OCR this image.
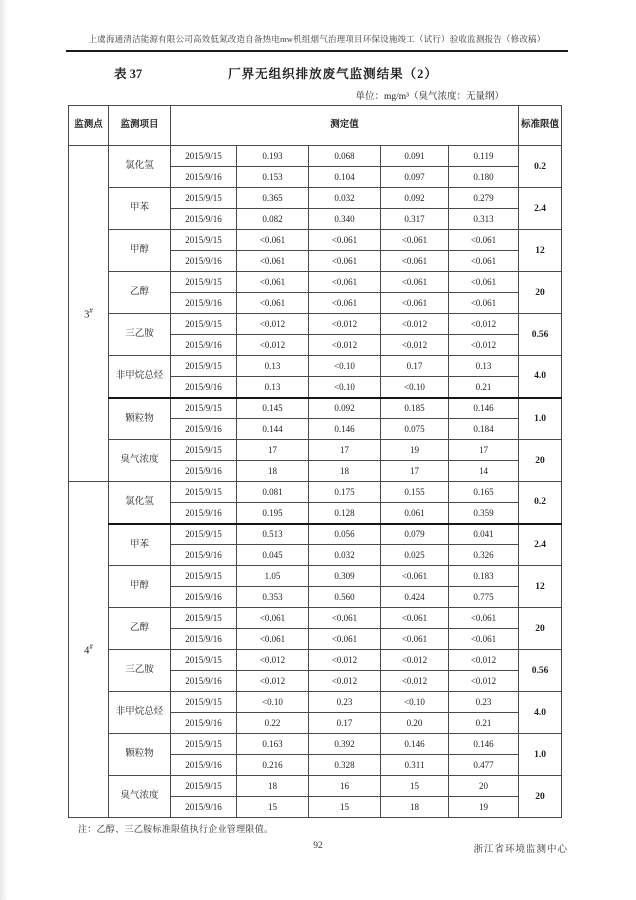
上虞海通清洁能源有限公司高效低氮改造自备热电mw机组烟气治理项目环保设施竣工（试行）验收监测报告（修改稿）
表 37	厂界无组织排放废气监测结果（2）
单位：mg/m³（臭气浓度：无量纲）
监测点	监测项目	测定值					标准限值
3#	氯化氢	2015/9/15	0.193	0.068	0.091	0.119	0.2
		2015/9/16	0.153	0.104	0.097	0.180	
	甲苯	2015/9/15	0.365	0.032	0.092	0.279	2.4
		2015/9/16	0.082	0.340	0.317	0.313	
	甲醇	2015/9/15	<0.061	<0.061	<0.061	<0.061	12
		2015/9/16	<0.061	<0.061	<0.061	<0.061	
	乙醇	2015/9/15	<0.061	<0.061	<0.061	<0.061	20
		2015/9/16	<0.061	<0.061	<0.061	<0.061	
	三乙胺	2015/9/15	<0.012	<0.012	<0.012	<0.012	0.56
		2015/9/16	<0.012	<0.012	<0.012	<0.012	
	非甲烷总烃	2015/9/15	0.13	<0.10	0.17	0.13	4.0
		2015/9/16	0.13	<0.10	<0.10	0.21	
	颗粒物	2015/9/15	0.145	0.092	0.185	0.146	1.0
		2015/9/16	0.144	0.146	0.075	0.184	
	臭气浓度	2015/9/15	17	17	19	17	20
		2015/9/16	18	18	17	14	
4#	氯化氢	2015/9/15	0.081	0.175	0.155	0.165	0.2
		2015/9/16	0.195	0.128	0.061	0.359	
	甲苯	2015/9/15	0.513	0.056	0.079	0.041	2.4
		2015/9/16	0.045	0.032	0.025	0.326	
	甲醇	2015/9/15	1.05	0.309	<0.061	0.183	12
		2015/9/16	0.353	0.560	0.424	0.775	
	乙醇	2015/9/15	<0.061	<0.061	<0.061	<0.061	20
		2015/9/16	<0.061	<0.061	<0.061	<0.061	
	三乙胺	2015/9/15	<0.012	<0.012	<0.012	<0.012	0.56
		2015/9/16	<0.012	<0.012	<0.012	<0.012	
	非甲烷总烃	2015/9/15	<0.10	0.23	<0.10	0.23	4.0
		2015/9/16	0.22	0.17	0.20	0.21	
	颗粒物	2015/9/15	0.163	0.392	0.146	0.146	1.0
		2015/9/16	0.216	0.328	0.311	0.477	
	臭气浓度	2015/9/15	18	16	15	20	20
		2015/9/16	15	15	18	19	
注：乙醇、三乙胺标准限值执行企业管理限值。
92	浙江省环境监测中心
